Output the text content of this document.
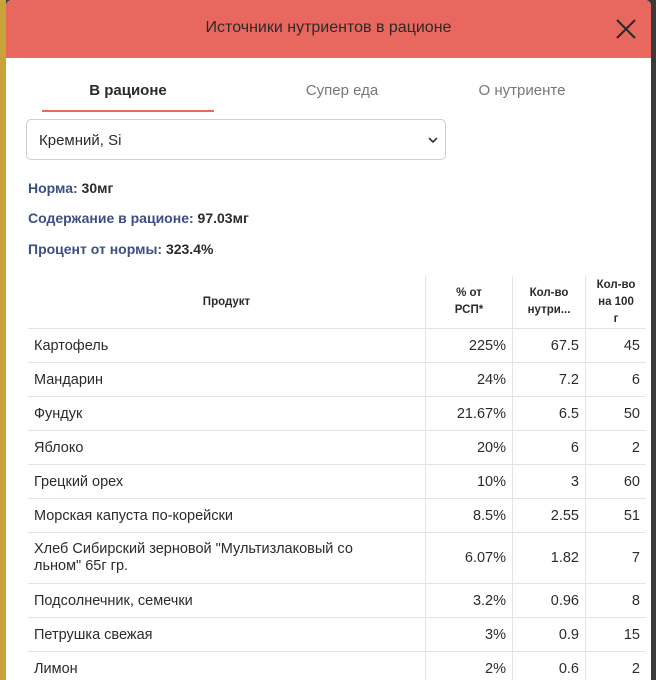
Источники нутриентов в рационе
В рационе	Супер еда	О нутриенте
Кремний, Si
Норма: 30мг
Содержание в рационе: 97.03мг
Процент от нормы: 323.4%
Продукт	% от
РСП*	Кол-во
нутри...	Кол-во
на 100
г

Картофель	225%	67.5	45
Мандарин	24%	7.2	6
Фундук	21.67%	6.5	50
Яблоко	20%	6	2
Грецкий орех	10%	3	60
Морская капуста по-корейски	8.5%	2.55	51

Хлеб Сибирский зерновой "Мультизлаковый со
льном" 65г гр.	6.07%	1.82	7
Подсолнечник, семечки	3.2%	0.96	8
Петрушка свежая	3%	0.9	15
Лимон	2%	0.6	2
